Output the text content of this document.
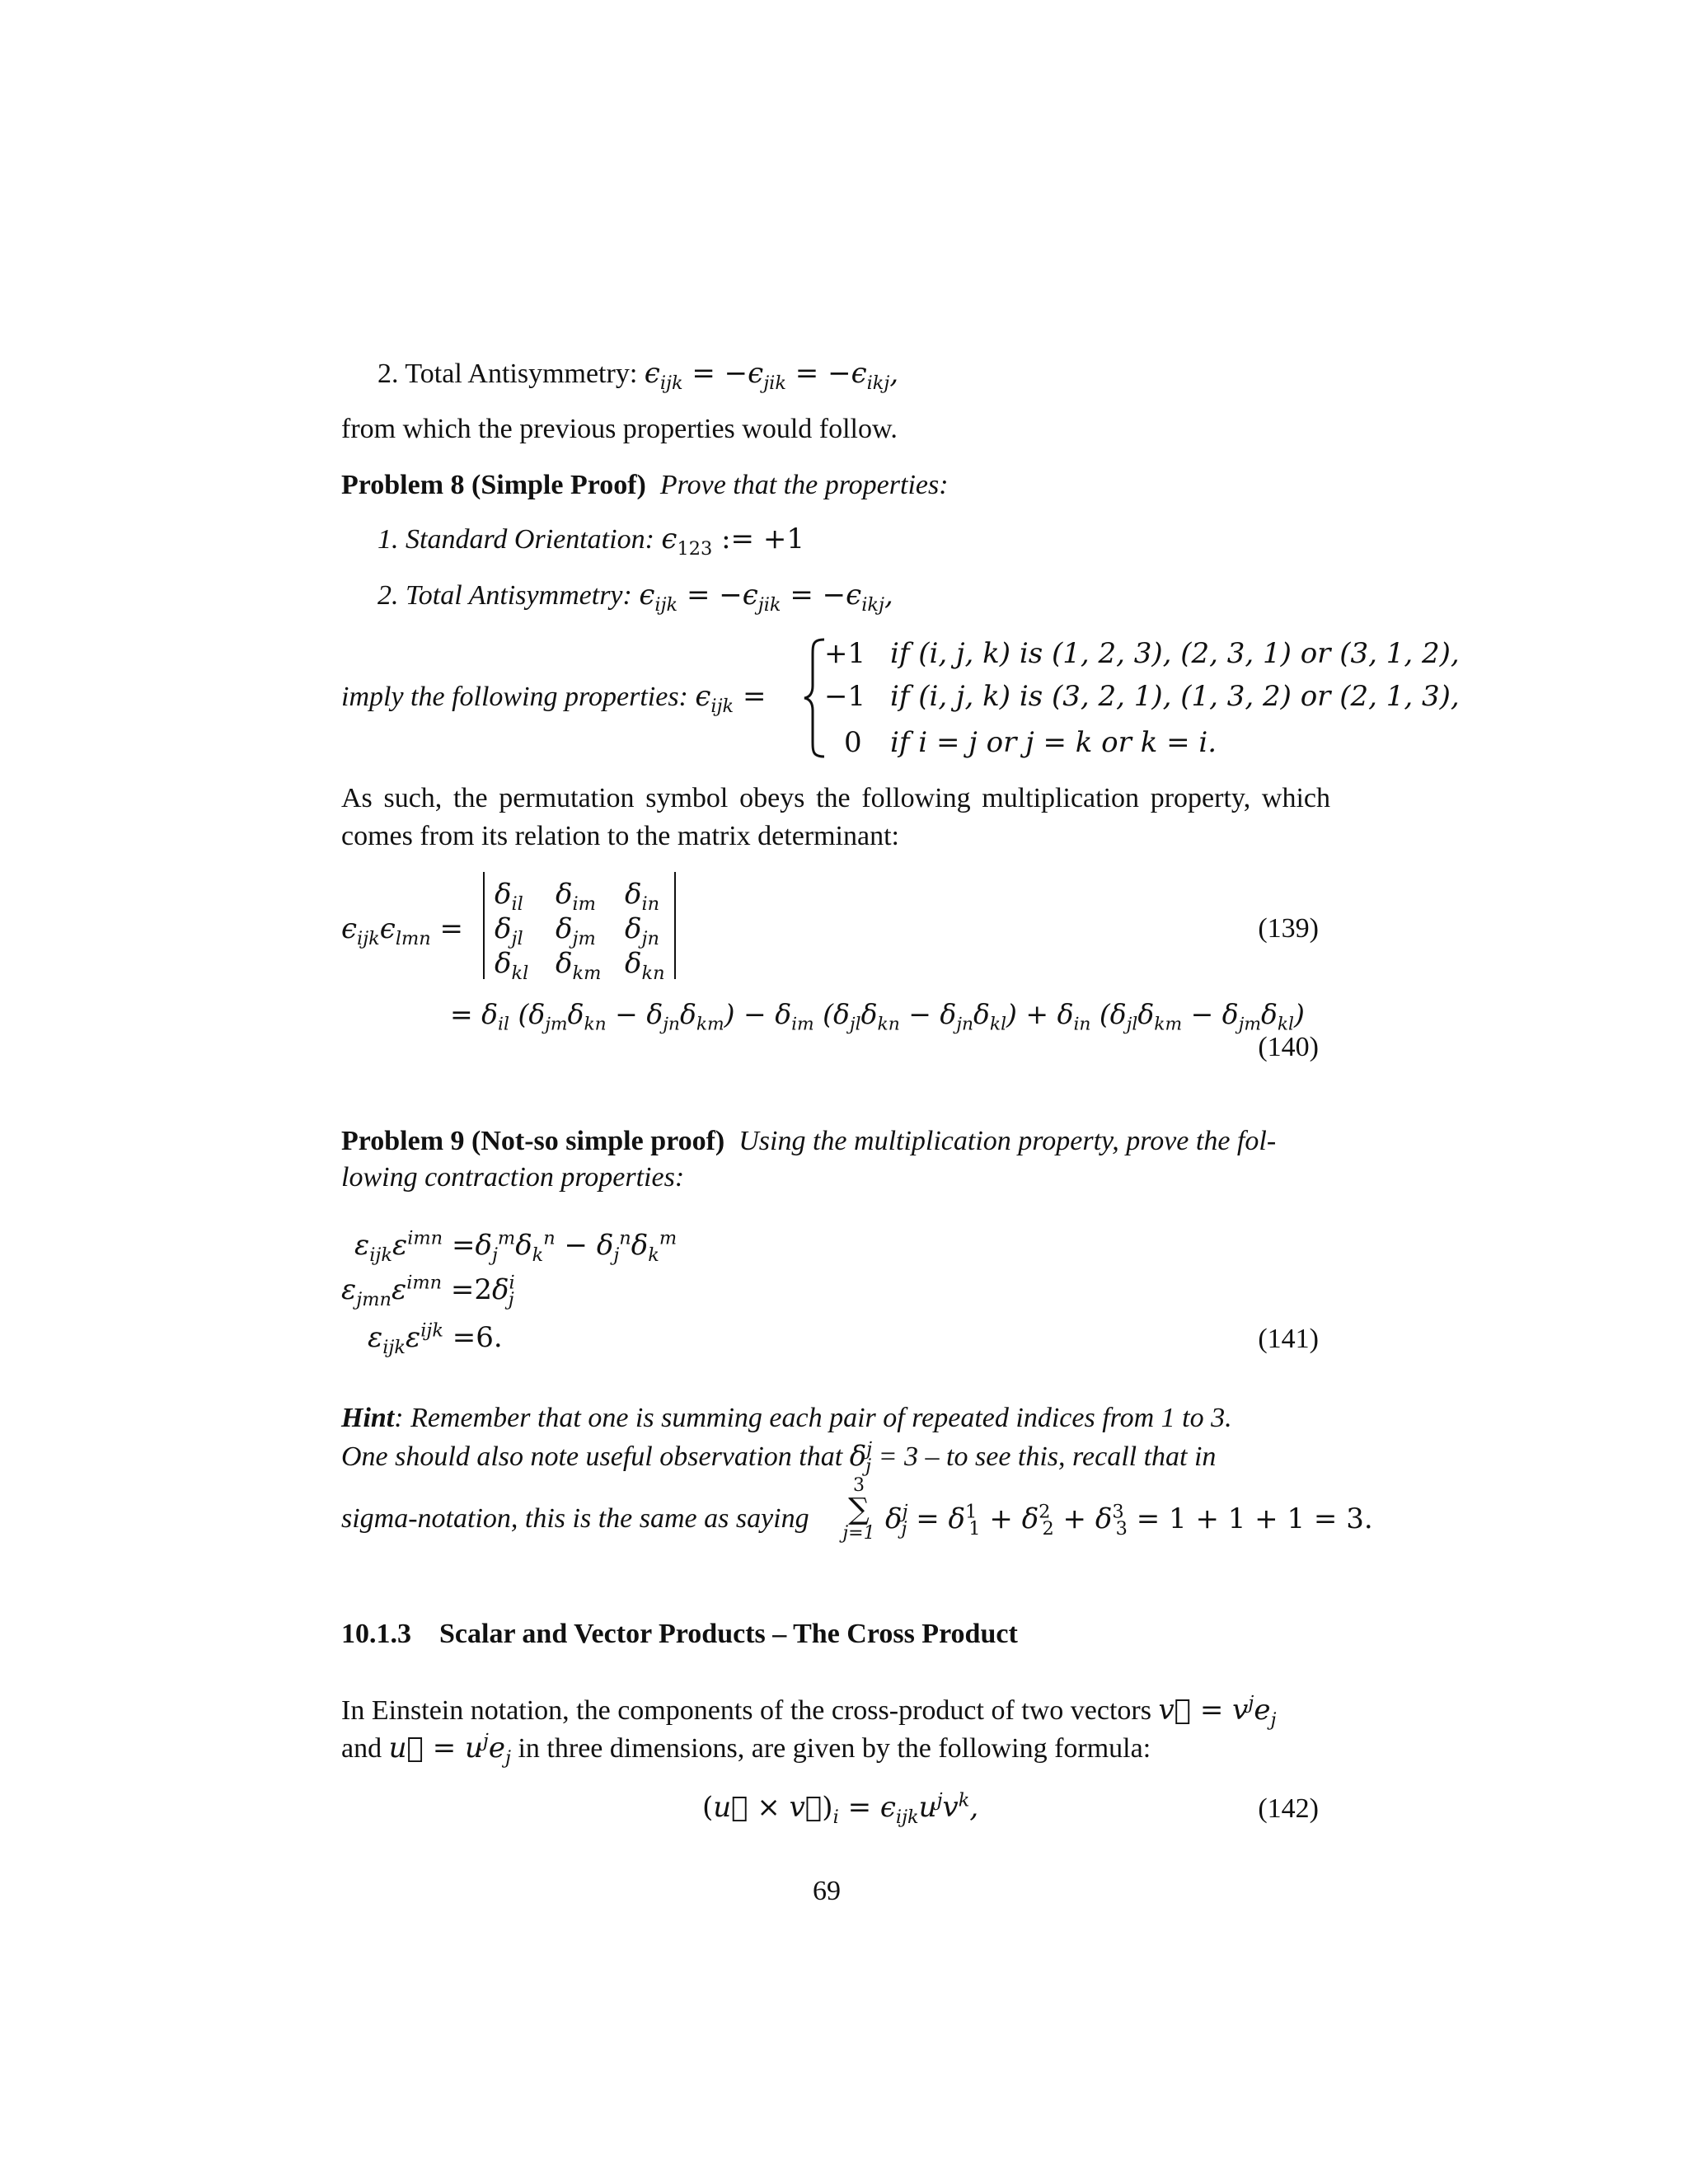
2. Total Antisymmetry: $\epsilon_{ijk} = -\epsilon_{jik} = -\epsilon_{ikj}$,
from which the previous properties would follow.
Problem 8 (Simple Proof) Prove that the properties:
1. Standard Orientation: $\epsilon_{123}$ := +1
2. Total Antisymmetry: $\epsilon_{ijk} = -\epsilon_{jik} = -\epsilon_{ikj}$,
imply the following properties: $\epsilon_{ijk}$ =
+1 if (i, j, k) is (1, 2, 3), (2, 3, 1) or (3, 1, 2),
−1 if (i, j, k) is (3, 2, 1), (1, 3, 2) or (2, 1, 3),
0 if i = j or j = k or k = i.
As such, the permutation symbol obeys the following multiplication property, which comes from its relation to the matrix determinant:
$\epsilon_{ijk}\epsilon_{lmn}$ =
$\delta_{il}$ $\delta_{im}$ $\delta_{in}$
$\delta_{jl}$ $\delta_{jm}$ $\delta_{jn}$
$\delta_{kl}$ $\delta_{km}$ $\delta_{kn}$
(139)
= $\delta_{il}$ $(\delta_{jm}\delta_{kn} - \delta_{jn}\delta_{km}) - \delta_{im}$ $(\delta_{jl}\delta_{kn} - \delta_{jn}\delta_{kl}) + \delta_{in}$ $(\delta_{jl}\delta_{km} - \delta_{jm}\delta_{kl})$
(140)
Problem 9 (Not-so simple proof) Using the multiplication property, prove the fol-
lowing contraction properties:
$\varepsilon_{ijk}\varepsilon^{imn} =\delta_j^m\delta_k^n - \delta_j^n\delta_k^m$
$\varepsilon_{jmn}\varepsilon^{imn} =2\delta^i_j$
$\varepsilon_{ijk}\varepsilon^{ijk} =6$.	(141)
Hint: Remember that one is summing each pair of repeated indices from 1 to 3.
One should also note useful observation that $\delta^j_j = 3$ – to see this, recall that in
sigma-notation, this is the same as saying
3
∑
j=1 $\delta^j_j = \delta^1_1 + \delta^2_2 + \delta^3_3 = 1 + 1 + 1 = 3$.
10.1.3 Scalar and Vector Products – The Cross Product
In Einstein notation, the components of the cross-product of two vectors v⃗ = $v^je_j$
and u⃗ = $u^je_j$ in three dimensions, are given by the following formula:
(u⃗ × $v⃗)_i = \epsilon_{ijk}u^jv^k$,	(142)
69
